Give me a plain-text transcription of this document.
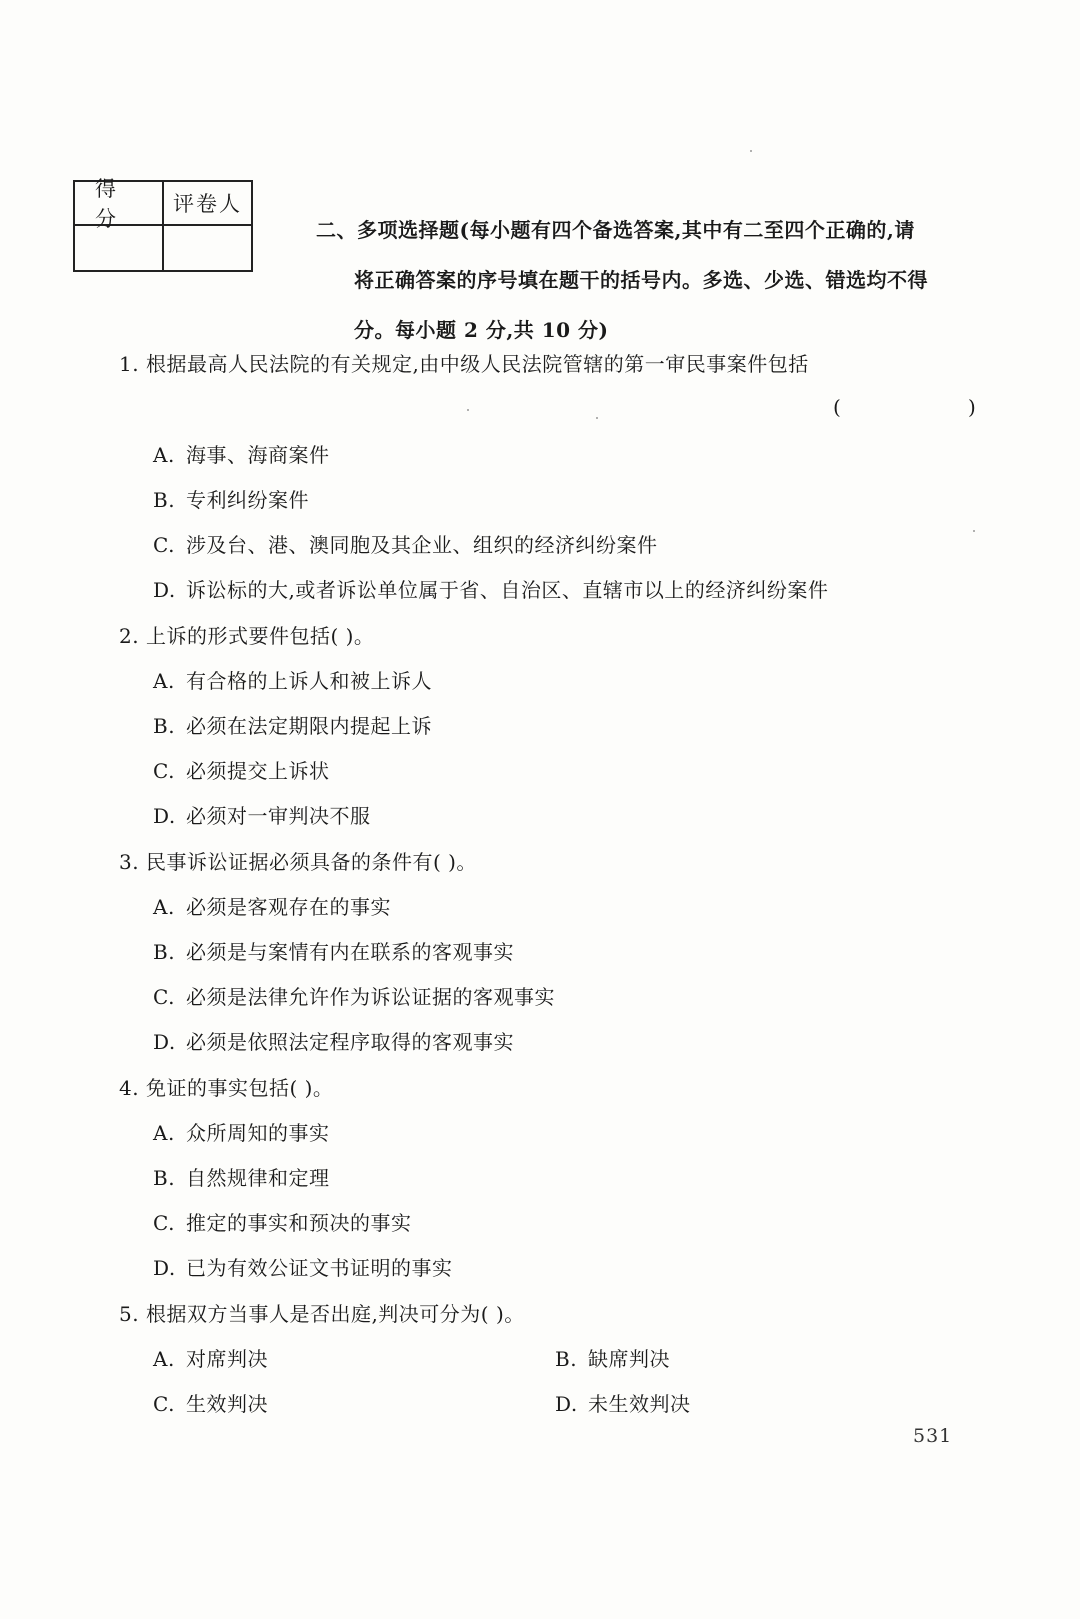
得分
评卷人
二、多项选择题(每小题有四个备选答案,其中有二至四个正确的,请
将正确答案的序号填在题干的括号内。多选、少选、错选均不得
分。每小题 2 分,共 10 分)
1. 根据最高人民法院的有关规定,由中级人民法院管辖的第一审民事案件包括
(                    )
A. 海事、海商案件
B. 专利纠纷案件
C. 涉及台、港、澳同胞及其企业、组织的经济纠纷案件
D. 诉讼标的大,或者诉讼单位属于省、自治区、直辖市以上的经济纠纷案件
2. 上诉的形式要件包括( )。
A. 有合格的上诉人和被上诉人
B. 必须在法定期限内提起上诉
C. 必须提交上诉状
D. 必须对一审判决不服
3. 民事诉讼证据必须具备的条件有( )。
A. 必须是客观存在的事实
B. 必须是与案情有内在联系的客观事实
C. 必须是法律允许作为诉讼证据的客观事实
D. 必须是依照法定程序取得的客观事实
4. 免证的事实包括( )。
A. 众所周知的事实
B. 自然规律和定理
C. 推定的事实和预决的事实
D. 已为有效公证文书证明的事实
5. 根据双方当事人是否出庭,判决可分为( )。
A. 对席判决	B. 缺席判决
C. 生效判决	D. 未生效判决
531
